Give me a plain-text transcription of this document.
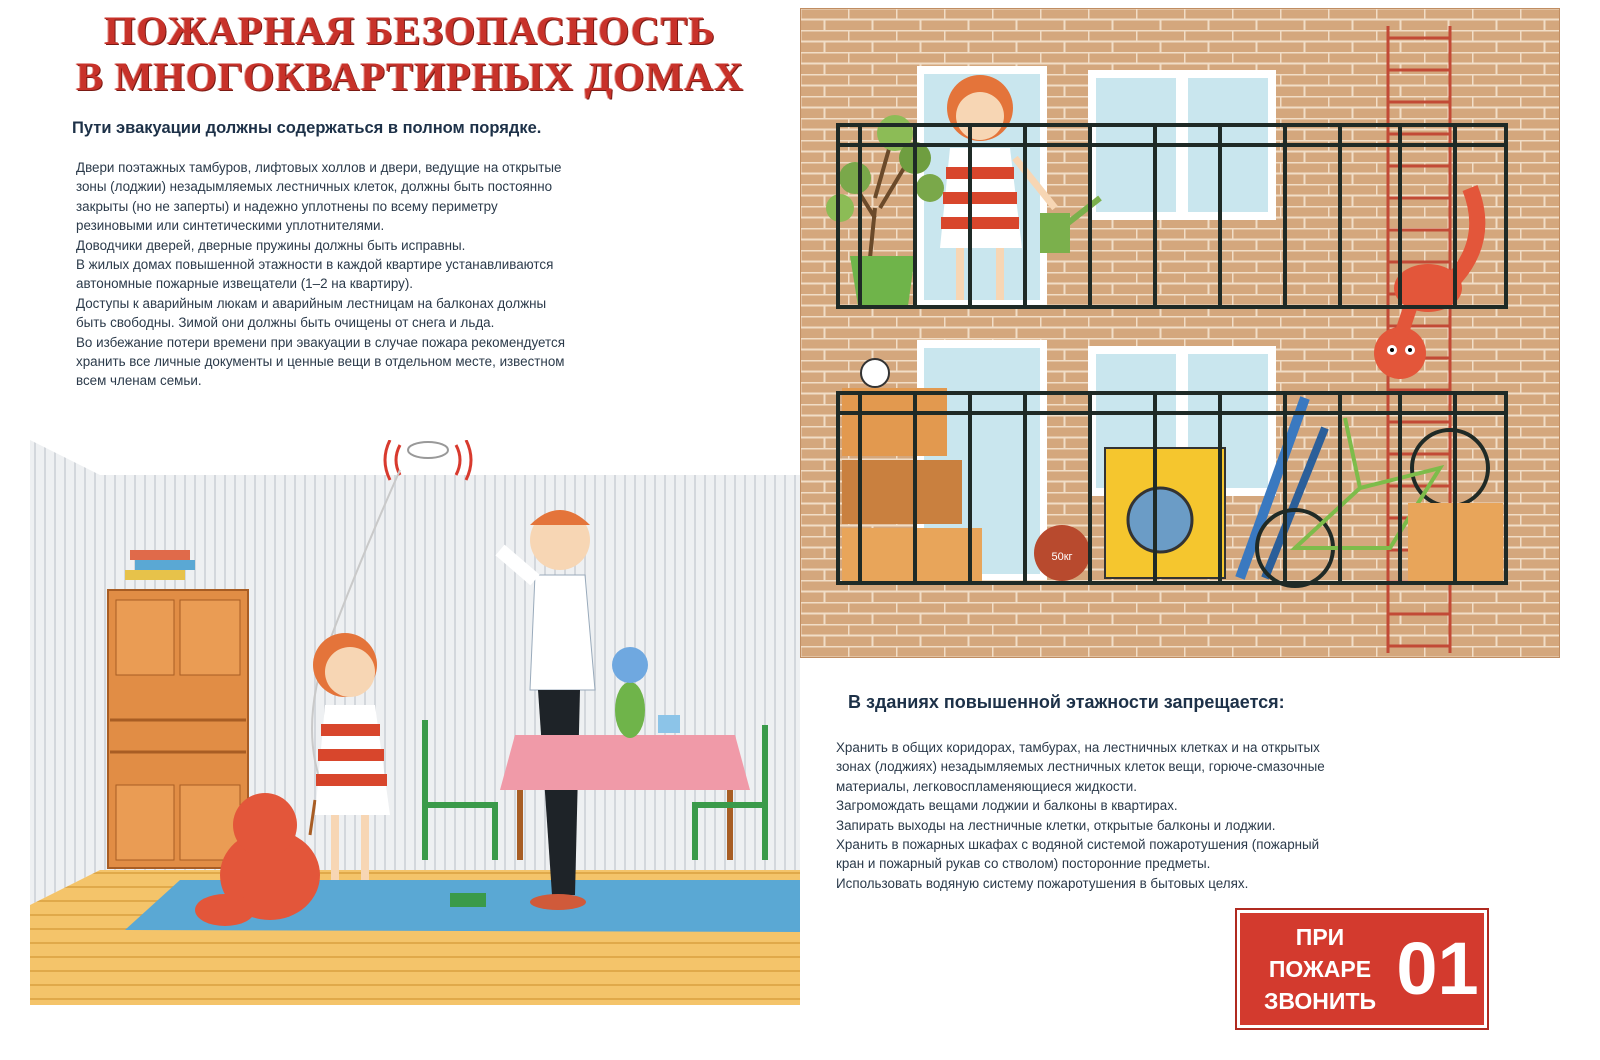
ПОЖАРНАЯ БЕЗОПАСНОСТЬ
В МНОГОКВАРТИРНЫХ ДОМАХ
Пути эвакуации должны содержаться в полном порядке.

Двери поэтажных тамбуров, лифтовых холлов и двери, ведущие на открытые

зоны (лоджии) незадымляемых лестничных клеток, должны быть постоянно

закрыты (но не заперты) и надежно уплотнены по всему периметру

резиновыми или синтетическими уплотнителями.

Доводчики дверей, дверные пружины должны быть исправны.

В жилых домах повышенной этажности в каждой квартире устанавливаются

автономные пожарные извещатели (1–2 на квартиру).

Доступы к аварийным люкам и аварийным лестницам на балконах должны

быть свободны. Зимой они должны быть очищены от снега и льда.

Во избежание потери времени при эвакуации в случае пожара рекомендуется

хранить все личные документы и ценные вещи в отдельном месте, известном

всем членам семьи.

50кг
В зданиях повышенной этажности запрещается:

Хранить в общих коридорах, тамбурах, на лестничных клетках и на открытых

зонах (лоджиях) незадымляемых лестничных клеток вещи, горюче-смазочные

материалы, легковоспламеняющиеся жидкости.

Загромождать вещами лоджии и балконы в квартирах.

Запирать выходы на лестничные клетки, открытые балконы и лоджии.

Хранить в пожарных шкафах с водяной системой пожаротушения (пожарный

кран и пожарный рукав со стволом) посторонние предметы.

Использовать водяную систему пожаротушения в бытовых целях.

ПРИ
ПОЖАРЕ
ЗВОНИТЬ 01
